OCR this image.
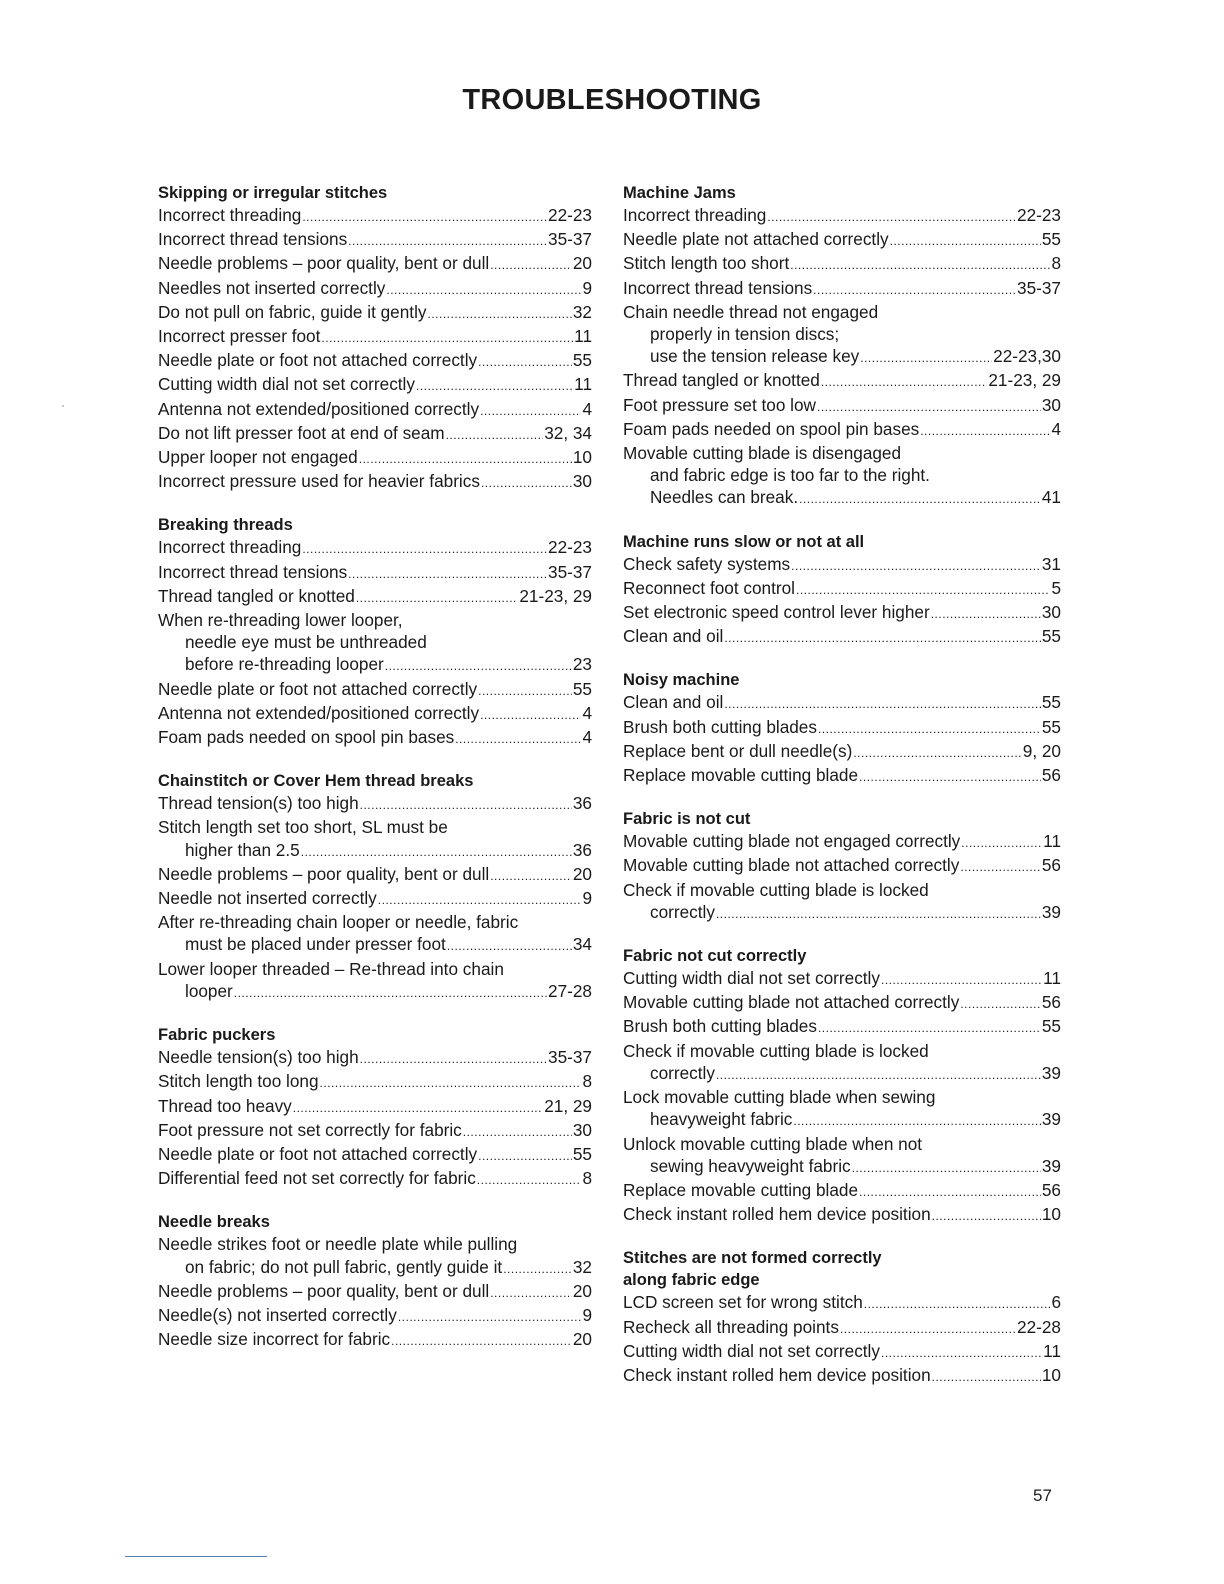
TROUBLESHOOTING
Skipping or irregular stitches
Incorrect threading .....	22-23
Incorrect thread tensions .....	35-37
Needle problems – poor quality, bent or dull .....	20
Needles not inserted correctly .....	9
Do not pull on fabric, guide it gently .....	32
Incorrect presser foot .....	11
Needle plate or foot not attached correctly .....	55
Cutting width dial not set correctly .....	11
Antenna not extended/positioned correctly .....	4
Do not lift presser foot at end of seam .....	32, 34
Upper looper not engaged .....	10
Incorrect pressure used for heavier fabrics .....	30
Breaking threads
Incorrect threading .....	22-23
Incorrect thread tensions .....	35-37
Thread tangled or knotted .....	21-23, 29
When re-threading lower looper,
needle eye must be unthreaded
before re-threading looper .....	23
Needle plate or foot not attached correctly .....	55
Antenna not extended/positioned correctly .....	4
Foam pads needed on spool pin bases .....	4
Chainstitch or Cover Hem thread breaks
Thread tension(s) too high .....	36
Stitch length set too short, SL must be
higher than 2.5 .....	36
Needle problems – poor quality, bent or dull .....	20
Needle not inserted correctly .....	9
After re-threading chain looper or needle, fabric
must be placed under presser foot .....	34
Lower looper threaded – Re-thread into chain
looper .....	27-28
Fabric puckers
Needle tension(s) too high .....	35-37
Stitch length too long .....	8
Thread too heavy .....	21, 29
Foot pressure not set correctly for fabric .....	30
Needle plate or foot not attached correctly .....	55
Differential feed not set correctly for fabric .....	8
Needle breaks
Needle strikes foot or needle plate while pulling
on fabric; do not pull fabric, gently guide it .....	32
Needle problems – poor quality, bent or dull .....	20
Needle(s) not inserted correctly .....	9
Needle size incorrect for fabric .....	20
Machine Jams
Incorrect threading .....	22-23
Needle plate not attached correctly .....	55
Stitch length too short .....	8
Incorrect thread tensions .....	35-37
Chain needle thread not engaged
properly in tension discs;
use the tension release key .....	22-23,30
Thread tangled or knotted .....	21-23, 29
Foot pressure set too low .....	30
Foam pads needed on spool pin bases .....	4
Movable cutting blade is disengaged
and fabric edge is too far to the right.
Needles can break. .....	41
Machine runs slow or not at all
Check safety systems .....	31
Reconnect foot control .....	5
Set electronic speed control lever higher .....	30
Clean and oil .....	55
Noisy machine
Clean and oil .....	55
Brush both cutting blades .....	55
Replace bent or dull needle(s) .....	9, 20
Replace movable cutting blade .....	56
Fabric is not cut
Movable cutting blade not engaged correctly .....	11
Movable cutting blade not attached correctly .....	56
Check if movable cutting blade is locked
correctly .....	39
Fabric not cut correctly
Cutting width dial not set correctly .....	11
Movable cutting blade not attached correctly .....	56
Brush both cutting blades .....	55
Check if movable cutting blade is locked
correctly .....	39
Lock movable cutting blade when sewing
heavyweight fabric .....	39
Unlock movable cutting blade when not
sewing heavyweight fabric .....	39
Replace movable cutting blade .....	56
Check instant rolled hem device position .....	10
Stitches are not formed correctly
along fabric edge
LCD screen set for wrong stitch .....	6
Recheck all threading points .....	22-28
Cutting width dial not set correctly .....	11
Check instant rolled hem device position .....	10
57
